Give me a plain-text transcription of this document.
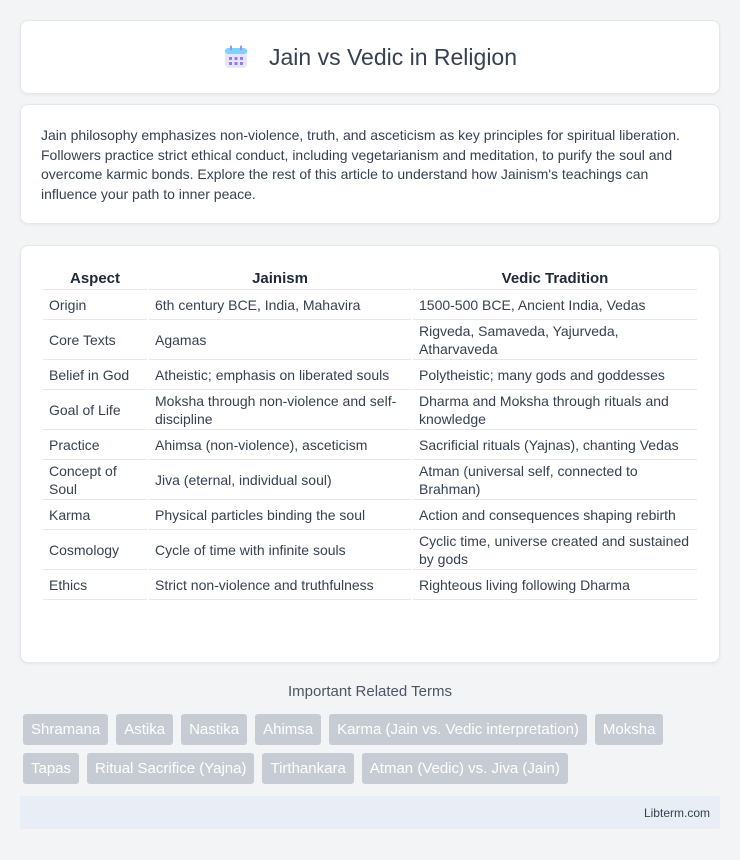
Jain vs Vedic in Religion

Jain philosophy emphasizes non-violence, truth, and asceticism as key principles for spiritual liberation. Followers practice strict ethical conduct, including vegetarianism and meditation, to purify the soul and overcome karmic bonds. Explore the rest of this article to understand how Jainism's teachings can influence your path to inner peace.

Aspect	Jainism	Vedic Tradition
Origin	6th century BCE, India, Mahavira	1500-500 BCE, Ancient India, Vedas
Core Texts	Agamas	Rigveda, Samaveda, Yajurveda, Atharvaveda
Belief in God	Atheistic; emphasis on liberated souls	Polytheistic; many gods and goddesses
Goal of Life	Moksha through non-violence and self-discipline	Dharma and Moksha through rituals and knowledge
Practice	Ahimsa (non-violence), asceticism	Sacrificial rituals (Yajnas), chanting Vedas
Concept of Soul	Jiva (eternal, individual soul)	Atman (universal self, connected to Brahman)
Karma	Physical particles binding the soul	Action and consequences shaping rebirth
Cosmology	Cycle of time with infinite souls	Cyclic time, universe created and sustained by gods
Ethics	Strict non-violence and truthfulness	Righteous living following Dharma
Important Related Terms
Shramana	Astika	Nastika	Ahimsa	Karma (Jain vs. Vedic interpretation)	Moksha
Tapas	Ritual Sacrifice (Yajna)	Tirthankara	Atman (Vedic) vs. Jiva (Jain)
Libterm.com
